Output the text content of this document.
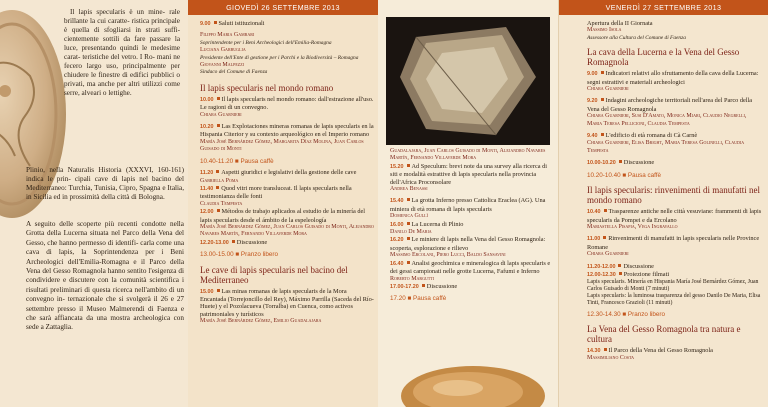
Il lapis specularis è un mine- rale brillante la cui caratte- ristica principale è quella di sfogliarsi in strati suffi- cientemente sottili da fare passare la luce, presentando quindi le medesime carat- teristiche del vetro. I Ro- mani ne fecero largo uso, principalmente per chiudere le finestre di edifici pubblici o privati, ma anche per altri utilizzi come serre, alveari o lettighe.

Plinio, nella Naturalis Historia (XXXVI, 160-161) indica le prin- cipali cave di lapis nel bacino del Mediterraneo: Turchia, Tunisia, Cipro, Spagna e Italia, in Sicilia ed in prossimità della città di Bologna.

A seguito delle scoperte più recenti condotte nella Grotta della Lucerna situata nel Parco della Vena del Gesso, che hanno permesso di identifi- carla come una cava di lapis, la Soprintendenza per i Beni Archeologici dell'Emilia-Romagna e il Parco della Vena del Gesso Romagnola hanno sentito l'esigenza di condividere e discutere con la comunità scientifica i risultati preliminari di questa ricerca nell'ambito di un convegno in- ternazionale che si svolgerà il 26 e 27 settembre presso il Museo Malmerendi di Faenza e che sarà affiancata da una mostra archeologica con sede a Zattaglia.

GIOVEDÌ 26 SETTEMBRE 2013

9.00 Saluti istituzionali

Filippo Maria Gambari

Soprintendente per i Beni Archeologici dell'Emilia-Romagna

Luciana Garbuglia

Presidente dell'Ente di gestione per i Parchi e la Biodiversità – Romagna

Giovanni Malpezzi

Sindaco del Comune di Faenza

Il lapis specularis nel mondo romano

10.00 Il lapis specularis nel mondo romano: dall'estrazione all'uso. Le ragioni di un convegno.

Chiara Guarnieri

10.20 Las Explotaciones mineras romanas de lapis specularis en la Hispania Citerior y su contexto arqueológico en el Imperio romano

María José Bernárdez Gómez, Margarita Díaz Molina, Juan Carlos Guisado di Monti

10.40-11.20 ■ Pausa caffè

11.20 Aspetti giuridici e legislativi della gestione delle cave

Gabriella Poma

11.40 Quod vitri more transluceat. Il lapis specularis nella testimonianza delle fonti

Claudia Tempesta

12.00 Métodos de trabajo aplicados al estudio de la minería del lapis specularis desde el ámbito de la espeleología

María José Bernárdez Gómez, Juan Carlos Guisado di Monti, Alejandro Navares Martín, Fernando Villaverde Mora

12.20-13.00 Discussione

13.00-15.00 ■ Pranzo libero

Le cave di lapis specularis nel bacino del Mediterraneo

15.00 Las minas romanas de lapis specularis de la Mora Encantada (Torrejoncillo del Rey), Máximo Parrilla (Saceda del Río-Huete) y el Pozolacueva (Torralba) en Cuenca, como activos patrimoniales y turísticos

María José Bernárdez Gómez, Emilio Guadalajara

Guadalajara, Juan Carlos Guisado di Monti, Alejandro Navares Martín, Fernando Villaverde Mora

15.20 Ad Speculum: brevi note da una survey alla ricerca di siti e modalità estrattive di lapis specularis nella provincia dell'Africa Proconsolare

Andrea Benassi

15.40 La grotta Inferno presso Cattolica Eraclea (AG). Una miniera di età romana di lapis specularis

Domenica Gullì

16.00 La Lucerna di Plinio

Danilo De Maria

16.20 Le miniere di lapis nella Vena del Gesso Romagnola: scoperta, esplorazione e rilievo

Massimo Ercolani, Piero Lucci, Baldo Sansavini

16.40 Analisi geochimica e mineralogica di lapis specularis e dei gessi campionati nelle grotte Lucerna, Fafumi e Inferno

Roberto Margutti

17.00-17.20 Discussione

17.20 ■ Pausa caffè

VENERDÌ 27 SETTEMBRE 2013

Apertura della II Giornata

Massimo Isola

Assessore alla Cultura del Comune di Faenza

La cava della Lucerna e la Vena del Gesso Romagnola

9.00 Indicatori relativi allo sfruttamento della cava della Lucerna: segni estrattivi e materiali archeologici

Chiara Guarnieri

9.20 Indagini archeologiche territoriali nell'area del Parco della Vena del Gesso Romagnola

Chiara Guarnieri, Susi D'Amato, Monica Miari, Claudio Negrelli, Maria Teresa Pellicioni, Claudia Tempesta

9.40 L'edificio di età romana di Cà Carnè

Chiara Guarnieri, Elisa Bright, Maria Teresa Golinelli, Claudia Tempesta

10.00-10.20 Discussione

10.20-10.40 ■ Pausa caffè

Il lapis specularis: rinvenimenti di manufatti nel mondo romano

10.40 Trasparenze antiche nelle città vesuviane: frammenti di lapis specularis da Pompei e da Ercolano

Mariastella Pisapia, Vega Ingravallo

11.00 Rinvenimenti di manufatti in lapis specularis nelle Province Romane

Chiara Guarnieri

11.20-12.00 Discussione

12.00-12.30 Proiezione filmati

Lapis specularis. Minería en Hispania María José Bernárdez Gómez, Juan Carlos Guisado di Monti (7 minuti)

Lapis specularis: la luminosa trasparenza del gesso Danilo De Maria, Elisa Tinti, Francesco Grazioli (11 minuti)

12.30-14.30 ■ Pranzo libero

La Vena del Gesso Romagnola tra natura e cultura

14.30 Il Parco della Vena del Gesso Romagnola

Massimiliano Costa
